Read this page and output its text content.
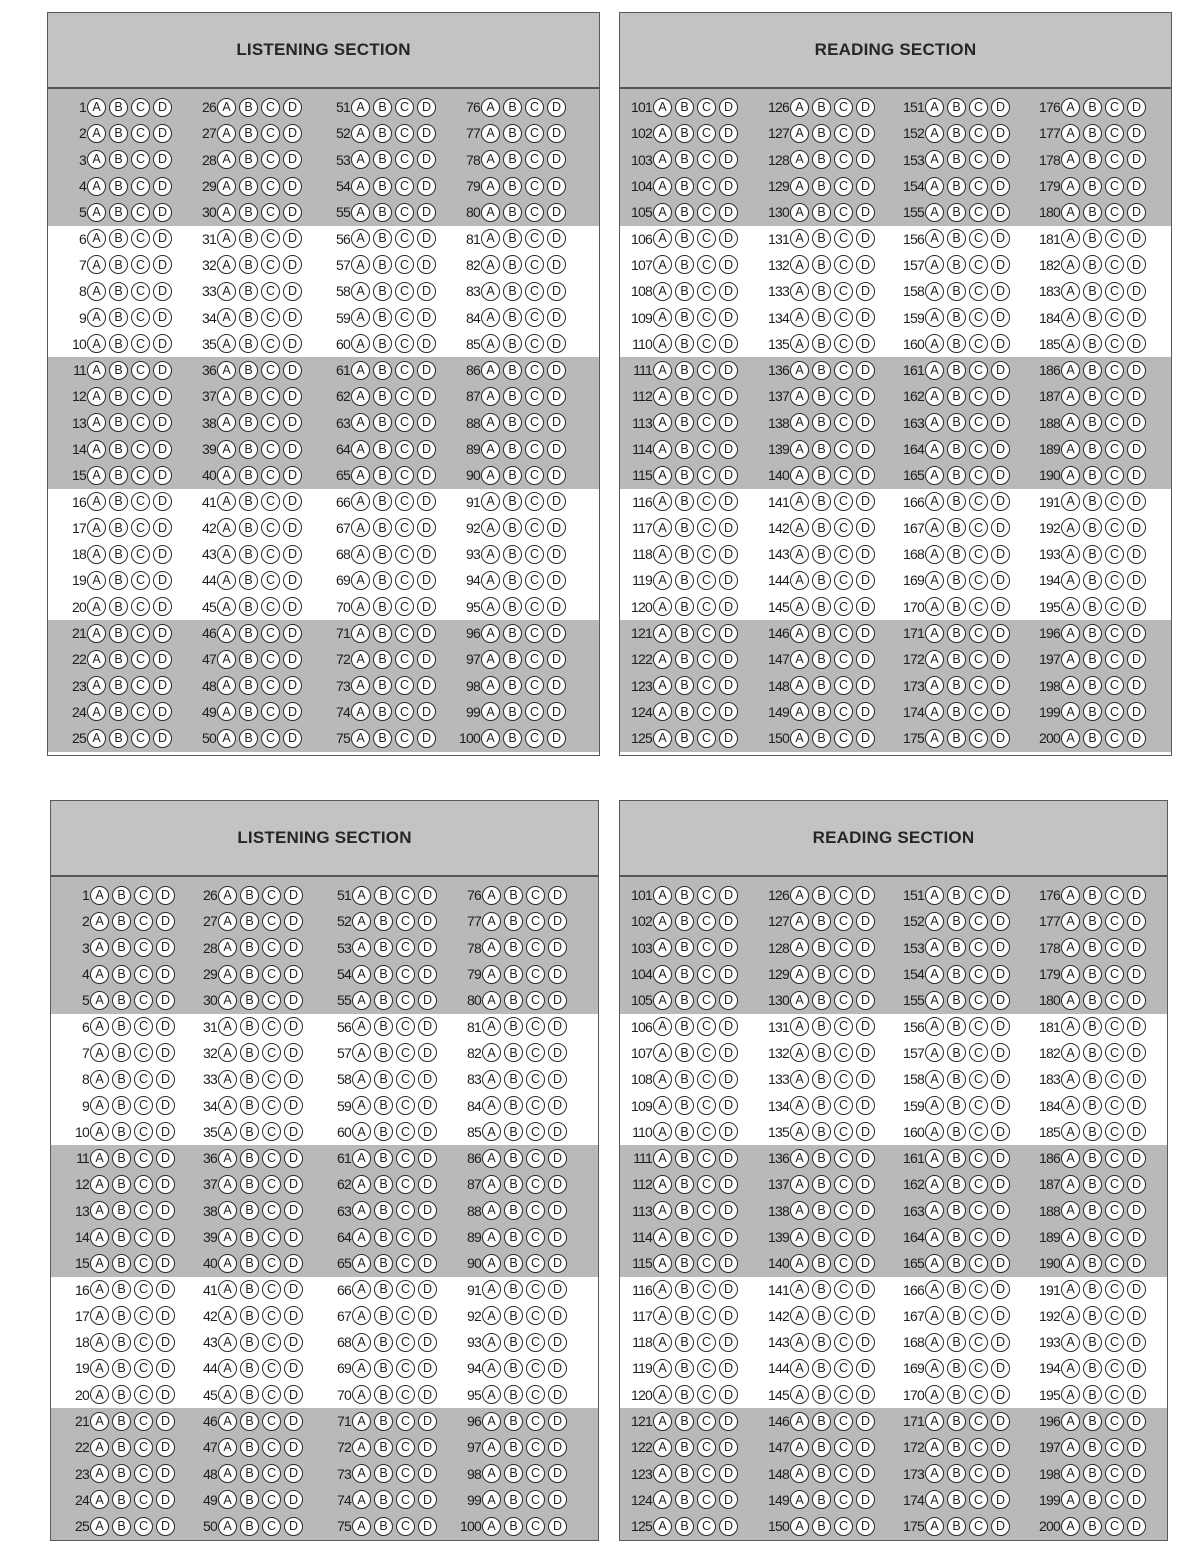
LISTENING SECTION
1 A	B	C	D
2 A	B	C	D
3 A	B	C	D
4 A	B	C	D
5 A	B	C	D
6 A	B	C	D
7 A	B	C	D
8 A	B	C	D
9 A	B	C	D
10 A	B	C	D
11 A	B	C	D
12 A	B	C	D
13 A	B	C	D
14 A	B	C	D
15 A	B	C	D
16 A	B	C	D
17 A	B	C	D
18 A	B	C	D
19 A	B	C	D
20 A	B	C	D
21 A	B	C	D
22 A	B	C	D
23 A	B	C	D
24 A	B	C	D
25 A	B	C	D
26 A	B	C	D
27 A	B	C	D
28 A	B	C	D
29 A	B	C	D
30 A	B	C	D
31 A	B	C	D
32 A	B	C	D
33 A	B	C	D
34 A	B	C	D
35 A	B	C	D
36 A	B	C	D
37 A	B	C	D
38 A	B	C	D
39 A	B	C	D
40 A	B	C	D
41 A	B	C	D
42 A	B	C	D
43 A	B	C	D
44 A	B	C	D
45 A	B	C	D
46 A	B	C	D
47 A	B	C	D
48 A	B	C	D
49 A	B	C	D
50 A	B	C	D
51 A	B	C	D
52 A	B	C	D
53 A	B	C	D
54 A	B	C	D
55 A	B	C	D
56 A	B	C	D
57 A	B	C	D
58 A	B	C	D
59 A	B	C	D
60 A	B	C	D
61 A	B	C	D
62 A	B	C	D
63 A	B	C	D
64 A	B	C	D
65 A	B	C	D
66 A	B	C	D
67 A	B	C	D
68 A	B	C	D
69 A	B	C	D
70 A	B	C	D
71 A	B	C	D
72 A	B	C	D
73 A	B	C	D
74 A	B	C	D
75 A	B	C	D
76 A	B	C	D
77 A	B	C	D
78 A	B	C	D
79 A	B	C	D
80 A	B	C	D
81 A	B	C	D
82 A	B	C	D
83 A	B	C	D
84 A	B	C	D
85 A	B	C	D
86 A	B	C	D
87 A	B	C	D
88 A	B	C	D
89 A	B	C	D
90 A	B	C	D
91 A	B	C	D
92 A	B	C	D
93 A	B	C	D
94 A	B	C	D
95 A	B	C	D
96 A	B	C	D
97 A	B	C	D
98 A	B	C	D
99 A	B	C	D
100 A	B	C	D
READING SECTION
101 A	B	C	D
102 A	B	C	D
103 A	B	C	D
104 A	B	C	D
105 A	B	C	D
106 A	B	C	D
107 A	B	C	D
108 A	B	C	D
109 A	B	C	D
110 A	B	C	D
111 A	B	C	D
112 A	B	C	D
113 A	B	C	D
114 A	B	C	D
115 A	B	C	D
116 A	B	C	D
117 A	B	C	D
118 A	B	C	D
119 A	B	C	D
120 A	B	C	D
121 A	B	C	D
122 A	B	C	D
123 A	B	C	D
124 A	B	C	D
125 A	B	C	D
126 A	B	C	D
127 A	B	C	D
128 A	B	C	D
129 A	B	C	D
130 A	B	C	D
131 A	B	C	D
132 A	B	C	D
133 A	B	C	D
134 A	B	C	D
135 A	B	C	D
136 A	B	C	D
137 A	B	C	D
138 A	B	C	D
139 A	B	C	D
140 A	B	C	D
141 A	B	C	D
142 A	B	C	D
143 A	B	C	D
144 A	B	C	D
145 A	B	C	D
146 A	B	C	D
147 A	B	C	D
148 A	B	C	D
149 A	B	C	D
150 A	B	C	D
151 A	B	C	D
152 A	B	C	D
153 A	B	C	D
154 A	B	C	D
155 A	B	C	D
156 A	B	C	D
157 A	B	C	D
158 A	B	C	D
159 A	B	C	D
160 A	B	C	D
161 A	B	C	D
162 A	B	C	D
163 A	B	C	D
164 A	B	C	D
165 A	B	C	D
166 A	B	C	D
167 A	B	C	D
168 A	B	C	D
169 A	B	C	D
170 A	B	C	D
171 A	B	C	D
172 A	B	C	D
173 A	B	C	D
174 A	B	C	D
175 A	B	C	D
176 A	B	C	D
177 A	B	C	D
178 A	B	C	D
179 A	B	C	D
180 A	B	C	D
181 A	B	C	D
182 A	B	C	D
183 A	B	C	D
184 A	B	C	D
185 A	B	C	D
186 A	B	C	D
187 A	B	C	D
188 A	B	C	D
189 A	B	C	D
190 A	B	C	D
191 A	B	C	D
192 A	B	C	D
193 A	B	C	D
194 A	B	C	D
195 A	B	C	D
196 A	B	C	D
197 A	B	C	D
198 A	B	C	D
199 A	B	C	D
200 A	B	C	D
LISTENING SECTION
1 A	B	C	D
2 A	B	C	D
3 A	B	C	D
4 A	B	C	D
5 A	B	C	D
6 A	B	C	D
7 A	B	C	D
8 A	B	C	D
9 A	B	C	D
10 A	B	C	D
11 A	B	C	D
12 A	B	C	D
13 A	B	C	D
14 A	B	C	D
15 A	B	C	D
16 A	B	C	D
17 A	B	C	D
18 A	B	C	D
19 A	B	C	D
20 A	B	C	D
21 A	B	C	D
22 A	B	C	D
23 A	B	C	D
24 A	B	C	D
25 A	B	C	D
26 A	B	C	D
27 A	B	C	D
28 A	B	C	D
29 A	B	C	D
30 A	B	C	D
31 A	B	C	D
32 A	B	C	D
33 A	B	C	D
34 A	B	C	D
35 A	B	C	D
36 A	B	C	D
37 A	B	C	D
38 A	B	C	D
39 A	B	C	D
40 A	B	C	D
41 A	B	C	D
42 A	B	C	D
43 A	B	C	D
44 A	B	C	D
45 A	B	C	D
46 A	B	C	D
47 A	B	C	D
48 A	B	C	D
49 A	B	C	D
50 A	B	C	D
51 A	B	C	D
52 A	B	C	D
53 A	B	C	D
54 A	B	C	D
55 A	B	C	D
56 A	B	C	D
57 A	B	C	D
58 A	B	C	D
59 A	B	C	D
60 A	B	C	D
61 A	B	C	D
62 A	B	C	D
63 A	B	C	D
64 A	B	C	D
65 A	B	C	D
66 A	B	C	D
67 A	B	C	D
68 A	B	C	D
69 A	B	C	D
70 A	B	C	D
71 A	B	C	D
72 A	B	C	D
73 A	B	C	D
74 A	B	C	D
75 A	B	C	D
76 A	B	C	D
77 A	B	C	D
78 A	B	C	D
79 A	B	C	D
80 A	B	C	D
81 A	B	C	D
82 A	B	C	D
83 A	B	C	D
84 A	B	C	D
85 A	B	C	D
86 A	B	C	D
87 A	B	C	D
88 A	B	C	D
89 A	B	C	D
90 A	B	C	D
91 A	B	C	D
92 A	B	C	D
93 A	B	C	D
94 A	B	C	D
95 A	B	C	D
96 A	B	C	D
97 A	B	C	D
98 A	B	C	D
99 A	B	C	D
100 A	B	C	D
READING SECTION
101 A	B	C	D
102 A	B	C	D
103 A	B	C	D
104 A	B	C	D
105 A	B	C	D
106 A	B	C	D
107 A	B	C	D
108 A	B	C	D
109 A	B	C	D
110 A	B	C	D
111 A	B	C	D
112 A	B	C	D
113 A	B	C	D
114 A	B	C	D
115 A	B	C	D
116 A	B	C	D
117 A	B	C	D
118 A	B	C	D
119 A	B	C	D
120 A	B	C	D
121 A	B	C	D
122 A	B	C	D
123 A	B	C	D
124 A	B	C	D
125 A	B	C	D
126 A	B	C	D
127 A	B	C	D
128 A	B	C	D
129 A	B	C	D
130 A	B	C	D
131 A	B	C	D
132 A	B	C	D
133 A	B	C	D
134 A	B	C	D
135 A	B	C	D
136 A	B	C	D
137 A	B	C	D
138 A	B	C	D
139 A	B	C	D
140 A	B	C	D
141 A	B	C	D
142 A	B	C	D
143 A	B	C	D
144 A	B	C	D
145 A	B	C	D
146 A	B	C	D
147 A	B	C	D
148 A	B	C	D
149 A	B	C	D
150 A	B	C	D
151 A	B	C	D
152 A	B	C	D
153 A	B	C	D
154 A	B	C	D
155 A	B	C	D
156 A	B	C	D
157 A	B	C	D
158 A	B	C	D
159 A	B	C	D
160 A	B	C	D
161 A	B	C	D
162 A	B	C	D
163 A	B	C	D
164 A	B	C	D
165 A	B	C	D
166 A	B	C	D
167 A	B	C	D
168 A	B	C	D
169 A	B	C	D
170 A	B	C	D
171 A	B	C	D
172 A	B	C	D
173 A	B	C	D
174 A	B	C	D
175 A	B	C	D
176 A	B	C	D
177 A	B	C	D
178 A	B	C	D
179 A	B	C	D
180 A	B	C	D
181 A	B	C	D
182 A	B	C	D
183 A	B	C	D
184 A	B	C	D
185 A	B	C	D
186 A	B	C	D
187 A	B	C	D
188 A	B	C	D
189 A	B	C	D
190 A	B	C	D
191 A	B	C	D
192 A	B	C	D
193 A	B	C	D
194 A	B	C	D
195 A	B	C	D
196 A	B	C	D
197 A	B	C	D
198 A	B	C	D
199 A	B	C	D
200 A	B	C	D
